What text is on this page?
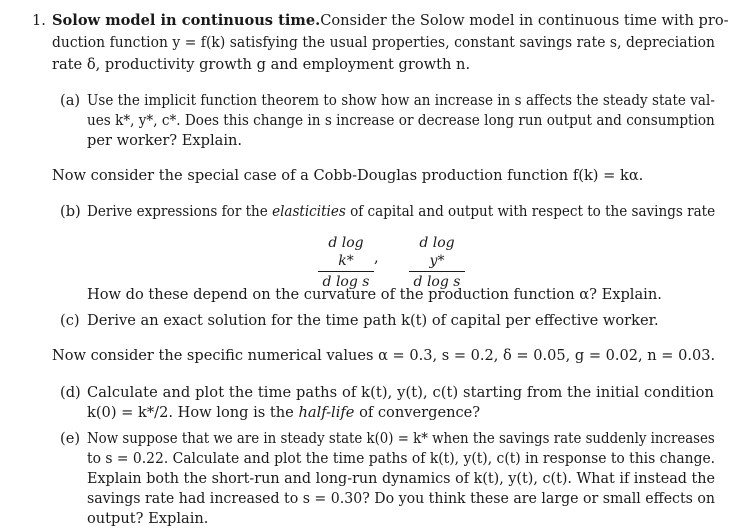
1. Solow model in continuous time. Consider the Solow model in continuous time with pro-
duction function y = f(k) satisfying the usual properties, constant savings rate s, depreciation
rate δ, productivity growth g and employment growth n.
(a) Use the implicit function theorem to show how an increase in s affects the steady state val-
ues k*, y*, c*. Does this change in s increase or decrease long run output and consumption
per worker? Explain.
Now consider the special case of a Cobb-Douglas production function f(k) = kα.
(b) Derive expressions for the elasticities of capital and output with respect to the savings rate
d log k*
d log s
,
d log y*
d log s
How do these depend on the curvature of the production function α? Explain.
(c) Derive an exact solution for the time path k(t) of capital per effective worker.
Now consider the specific numerical values α = 0.3, s = 0.2, δ = 0.05, g = 0.02, n = 0.03.
(d) Calculate and plot the time paths of k(t), y(t), c(t) starting from the initial condition
k(0) = k*/2. How long is the half-life of convergence?
(e) Now suppose that we are in steady state k(0) = k* when the savings rate suddenly increases
to s = 0.22. Calculate and plot the time paths of k(t), y(t), c(t) in response to this change.
Explain both the short-run and long-run dynamics of k(t), y(t), c(t). What if instead the
savings rate had increased to s = 0.30? Do you think these are large or small effects on
output? Explain.
